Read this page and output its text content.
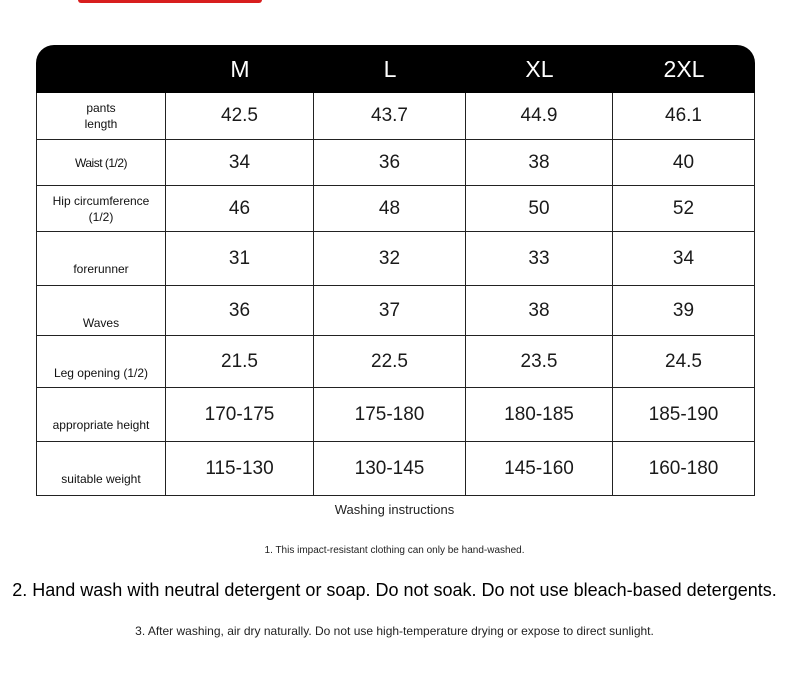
	M	L	XL	2XL
pants
length	42.5	43.7	44.9	46.1
Waist (1/2)	34	36	38	40
Hip circumference
(1/2)	46	48	50	52
forerunner	31	32	33	34
Waves	36	37	38	39
Leg opening (1/2)	21.5	22.5	23.5	24.5
appropriate height	170-175	175-180	180-185	185-190
suitable weight	115-130	130-145	145-160	160-180
Washing instructions
1. This impact-resistant clothing can only be hand-washed.
2. Hand wash with neutral detergent or soap. Do not soak. Do not use bleach-based detergents.
3. After washing, air dry naturally. Do not use high-temperature drying or expose to direct sunlight.
